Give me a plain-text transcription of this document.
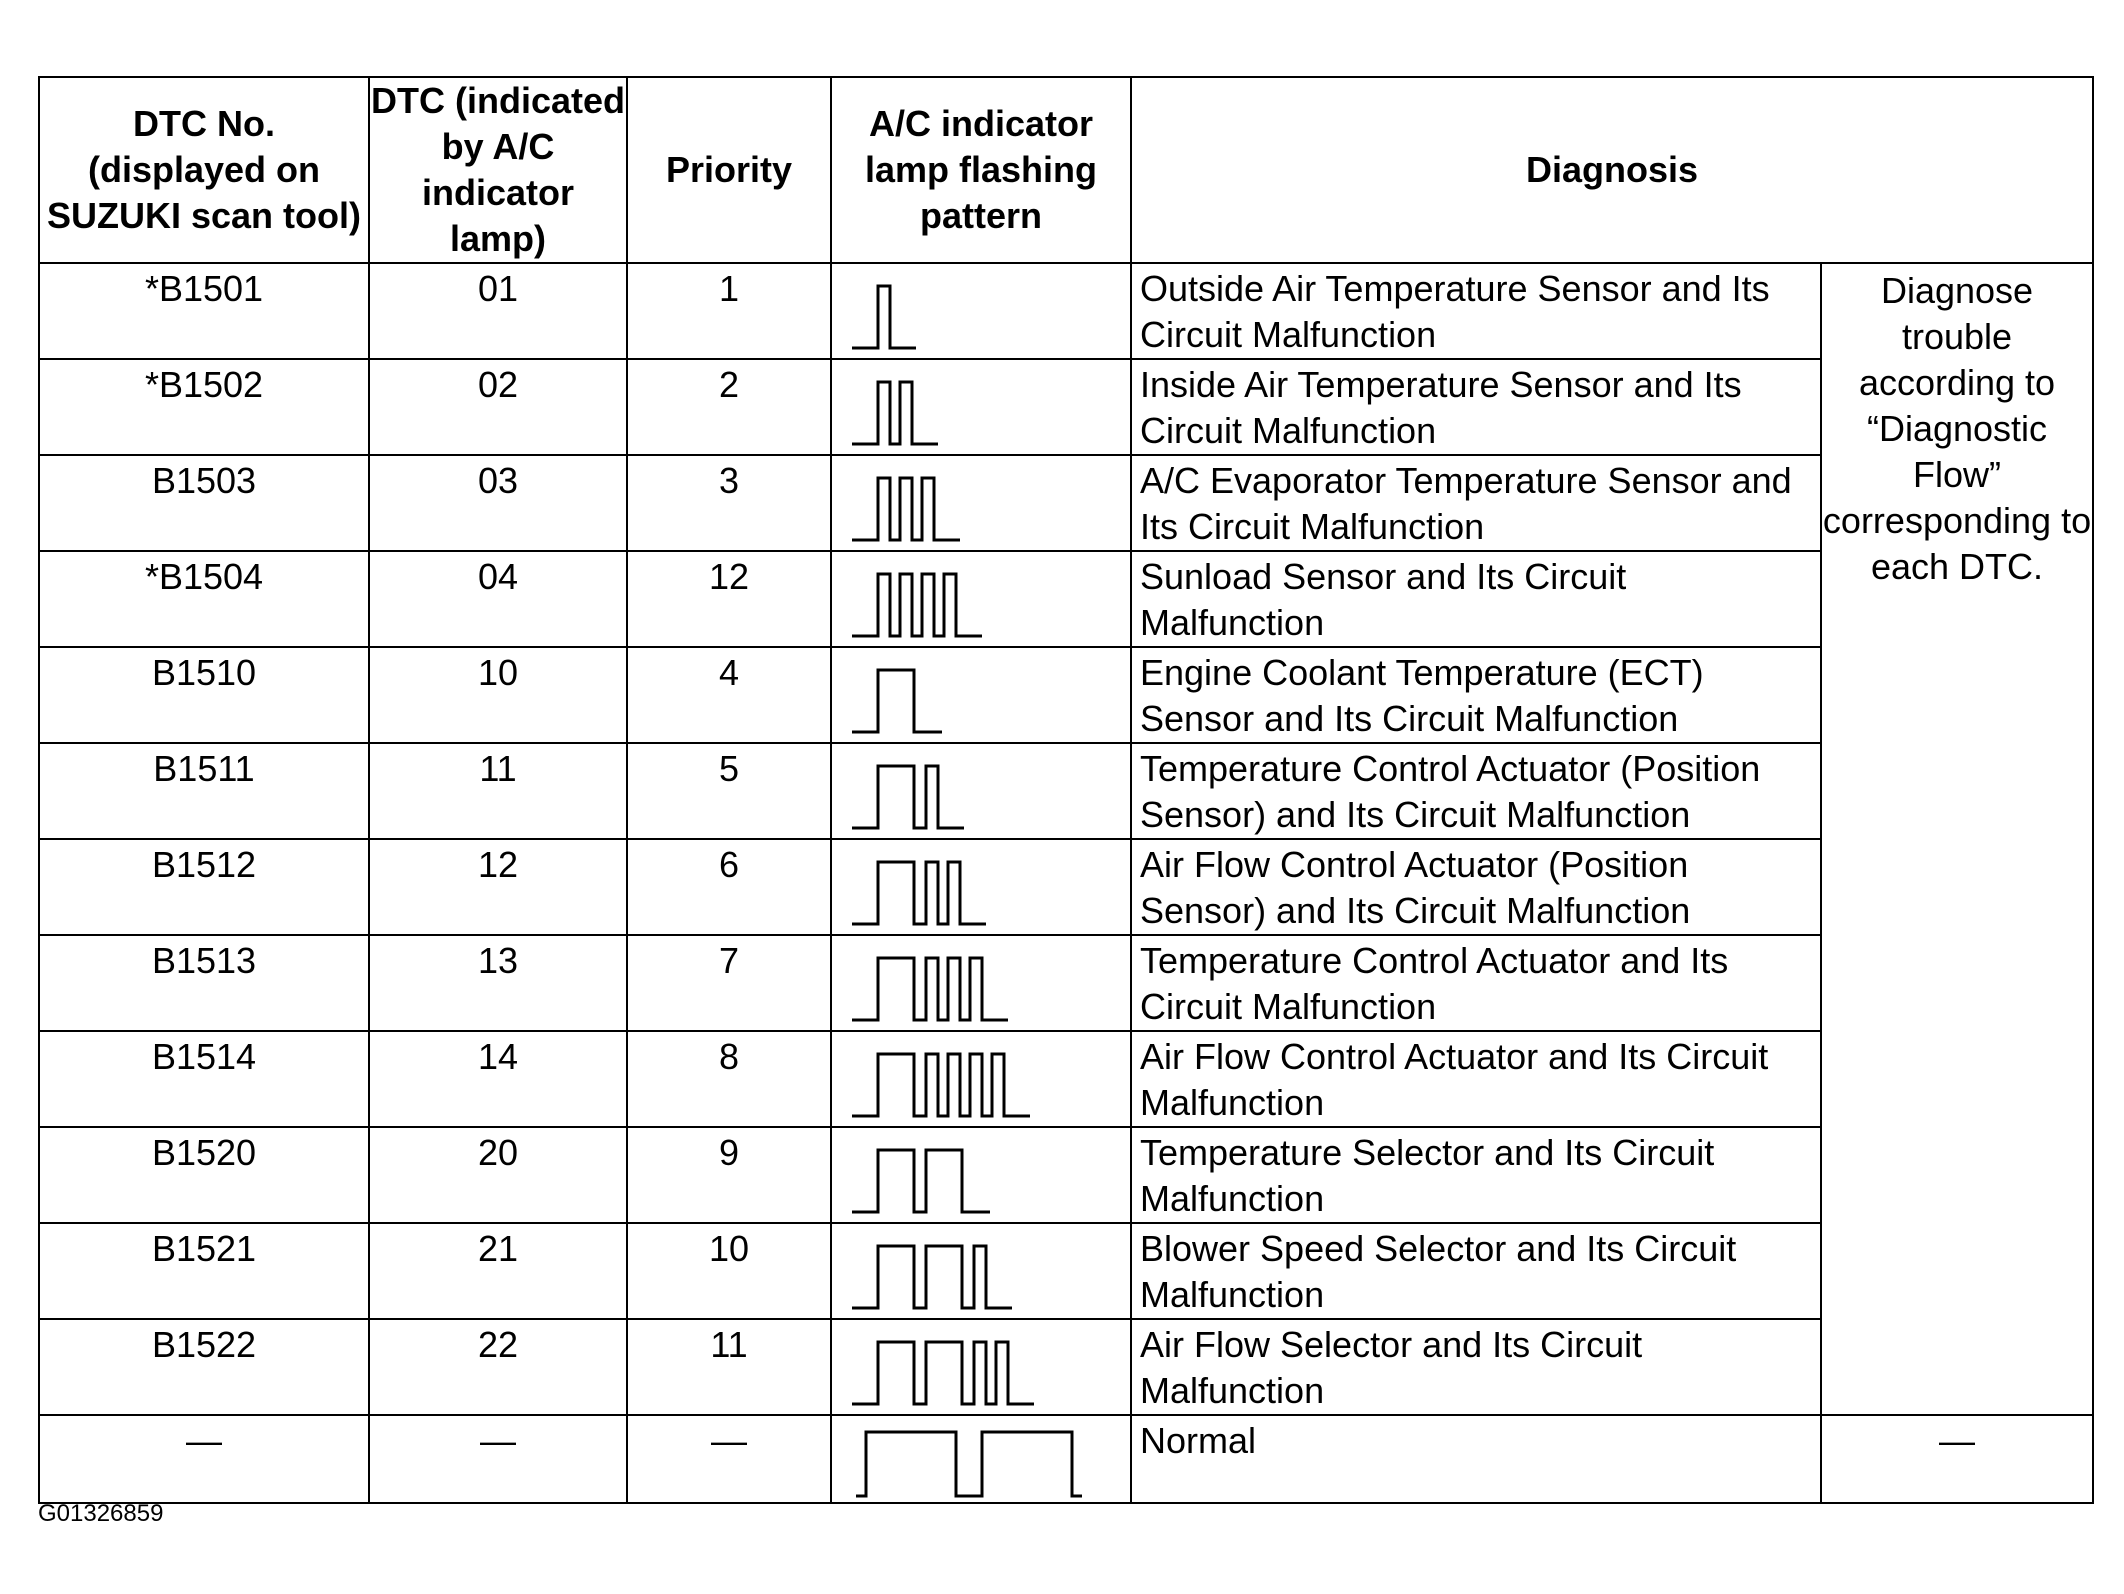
DTC No. (displayed on SUZUKI scan tool)	DTC (indicated by A/C indicator lamp)	Priority	A/C indicator lamp flashing pattern	Diagnosis	
*B1501	01	1		Outside Air Temperature Sensor and Its Circuit Malfunction	Diagnose trouble according to “Diagnostic Flow” corresponding to each DTC.
*B1502	02	2		Inside Air Temperature Sensor and Its Circuit Malfunction	
B1503	03	3		A/C Evaporator Temperature Sensor and Its Circuit Malfunction	
*B1504	04	12		Sunload Sensor and Its Circuit Malfunction	
B1510	10	4		Engine Coolant Temperature (ECT) Sensor and Its Circuit Malfunction	
B1511	11	5		Temperature Control Actuator (Position Sensor) and Its Circuit Malfunction	
B1512	12	6		Air Flow Control Actuator (Position Sensor) and Its Circuit Malfunction	
B1513	13	7		Temperature Control Actuator and Its Circuit Malfunction	
B1514	14	8		Air Flow Control Actuator and Its Circuit Malfunction	
B1520	20	9		Temperature Selector and Its Circuit Malfunction	
B1521	21	10		Blower Speed Selector and Its Circuit Malfunction	
B1522	22	11		Air Flow Selector and Its Circuit Malfunction	
—	—	—		Normal	—
G01326859
